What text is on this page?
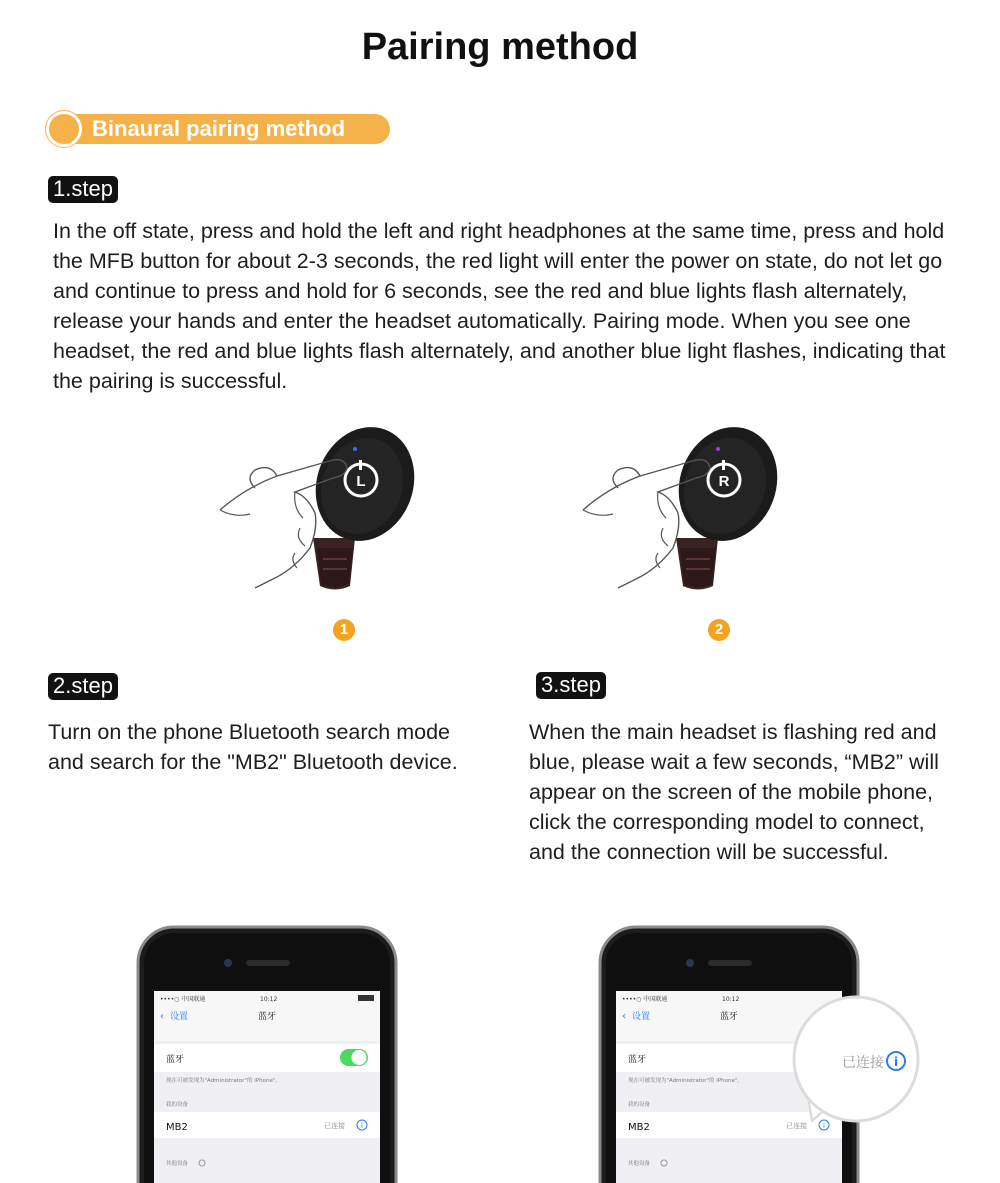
Pairing method
Binaural pairing method
1.step
In the off state, press and hold the left and right headphones at the same time, press and hold the MFB button for about 2-3 seconds, the red light will enter the power on state, do not let go and continue to press and hold for 6 seconds, see the red and blue lights flash alternately, release your hands and enter the headset automatically. Pairing mode. When you see one headset, the red and blue lights flash alternately, and another blue light flashes, indicating that the pairing is successful.
L
1
R
2
2.step
Turn on the phone Bluetooth search mode and search for the "MB2" Bluetooth device.
3.step
When the main headset is flashing red and blue, please wait a few seconds, “MB2” will appear on the screen of the mobile phone, click the corresponding model to connect, and the connection will be successful.
••••○ 中国联通	10:12
‹ 设置	蓝牙
蓝牙
现在可被发现为"Administrator"的 iPhone"。
我的设备
MB2	已连接 i
其他设备
••••○ 中国联通	10:12
‹ 设置	蓝牙
蓝牙
现在可被发现为"Administrator"的 iPhone"。
我的设备
MB2	已连接 i
其他设备
已连接 i
